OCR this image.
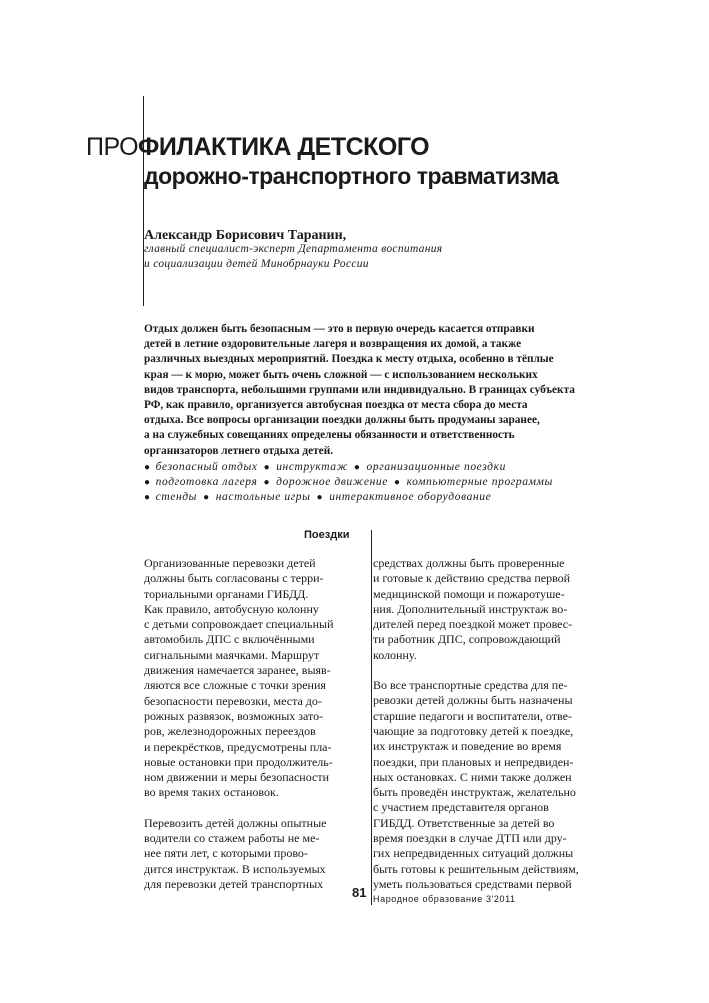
ПРОФИЛАКТИКА ДЕТСКОГО
дорожно-транспортного травматизма
Александр Борисович Таранин,
главный специалист-эксперт Департамента воспитания
и социализации детей Минобрнауки России

Отдых должен быть безопасным — это в первую очередь касается отправки

детей в летние оздоровительные лагеря и возвращения их домой, а также

различных выездных мероприятий. Поездка к месту отдыха, особенно в тёплые

края — к морю, может быть очень сложной — с использованием нескольких

видов транспорта, небольшими группами или индивидуально. В границах субъекта

РФ, как правило, организуется автобусная поездка от места сбора до места

отдыха. Все вопросы организации поездки должны быть продуманы заранее,

а на служебных совещаниях определены обязанности и ответственность

организаторов летнего отдыха детей.

● безопасный отдых ● инструктаж ● организационные поездки
● подготовка лагеря ● дорожное движение ● компьютерные программы
● стенды ● настольные игры ● интерактивное оборудование
Поездки

Организованные перевозки детей

должны быть согласованы с терри-

ториальными органами ГИБДД.

Как правило, автобусную колонну

с детьми сопровождает специальный

автомобиль ДПС с включёнными

сигнальными маячками. Маршрут

движения намечается заранее, выяв-

ляются все сложные с точки зрения

безопасности перевозки, места до-

рожных развязок, возможных зато-

ров, железнодорожных переездов

и перекрёстков, предусмотрены пла-

новые остановки при продолжитель-

ном движении и меры безопасности

во время таких остановок.

Перевозить детей должны опытные

водители со стажем работы не ме-

нее пяти лет, с которыми прово-

дится инструктаж. В используемых

для перевозки детей транспортных

средствах должны быть проверенные

и готовые к действию средства первой

медицинской помощи и пожаротуше-

ния. Дополнительный инструктаж во-

дителей перед поездкой может провес-

ти работник ДПС, сопровождающий

колонну.

Во все транспортные средства для пе-

ревозки детей должны быть назначены

старшие педагоги и воспитатели, отве-

чающие за подготовку детей к поездке,

их инструктаж и поведение во время

поездки, при плановых и непредвиден-

ных остановках. С ними также должен

быть проведён инструктаж, желательно

с участием представителя органов

ГИБДД. Ответственные за детей во

время поездки в случае ДТП или дру-

гих непредвиденных ситуаций должны

быть готовы к решительным действиям,

уметь пользоваться средствами первой

81 Народное образование 3'2011
